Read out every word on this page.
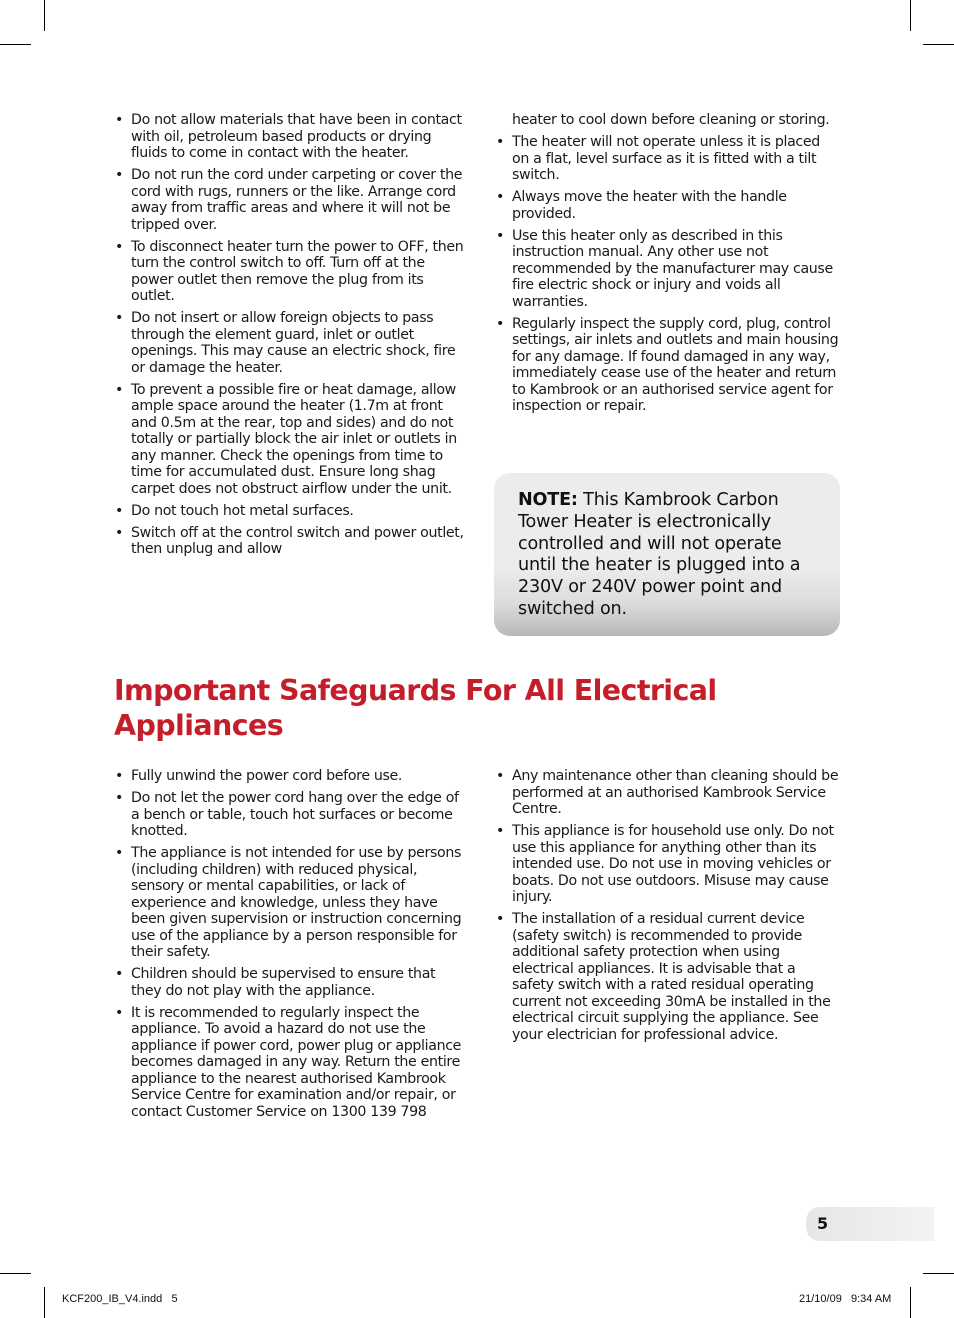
• Do not allow materials that have been in contact with oil, petroleum based products or drying fluids to come in contact with the heater.
• Do not run the cord under carpeting or cover the cord with rugs, runners or the like. Arrange cord away from traffic areas and where it will not be tripped over.
• To disconnect heater turn the power to OFF, then turn the control switch to off. Turn off at the power outlet then remove the plug from its outlet.
• Do not insert or allow foreign objects to pass through the element guard, inlet or outlet openings. This may cause an electric shock, fire or damage the heater.
• To prevent a possible fire or heat damage, allow ample space around the heater (1.7m at front and 0.5m at the rear, top and sides) and do not totally or partially block the air inlet or outlets in any manner. Check the openings from time to time for accumulated dust. Ensure long shag carpet does not obstruct airflow under the unit.
• Do not touch hot metal surfaces.
• Switch off at the control switch and power outlet, then unplug and allow
heater to cool down before cleaning or storing.
• The heater will not operate unless it is placed on a flat, level surface as it is fitted with a tilt switch.
• Always move the heater with the handle provided.
• Use this heater only as described in this instruction manual. Any other use not recommended by the manufacturer may cause fire electric shock or injury and voids all warranties.
• Regularly inspect the supply cord, plug, control settings, air inlets and outlets and main housing for any damage. If found damaged in any way, immediately cease use of the heater and return to Kambrook or an authorised service agent for inspection or repair.
NOTE: This Kambrook Carbon Tower Heater is electronically controlled and will not operate until the heater is plugged into a 230V or 240V power point and switched on.
Important Safeguards For All Electrical Appliances
• Fully unwind the power cord before use.
• Do not let the power cord hang over the edge of a bench or table, touch hot surfaces or become knotted.
• The appliance is not intended for use by persons (including children) with reduced physical, sensory or mental capabilities, or lack of experience and knowledge, unless they have been given supervision or instruction concerning use of the appliance by a person responsible for their safety.
• Children should be supervised to ensure that they do not play with the appliance.
• It is recommended to regularly inspect the appliance. To avoid a hazard do not use the appliance if power cord, power plug or appliance becomes damaged in any way. Return the entire appliance to the nearest authorised Kambrook Service Centre for examination and/or repair, or contact Customer Service on 1300 139 798
• Any maintenance other than cleaning should be performed at an authorised Kambrook Service Centre.
• This appliance is for household use only. Do not use this appliance for anything other than its intended use. Do not use in moving vehicles or boats. Do not use outdoors. Misuse may cause injury.
• The installation of a residual current device (safety switch) is recommended to provide additional safety protection when using electrical appliances. It is advisable that a safety switch with a rated residual operating current not exceeding 30mA be installed in the electrical circuit supplying the appliance. See your electrician for professional advice.
5
KCF200_IB_V4.indd   5	21/10/09   9:34 AM
